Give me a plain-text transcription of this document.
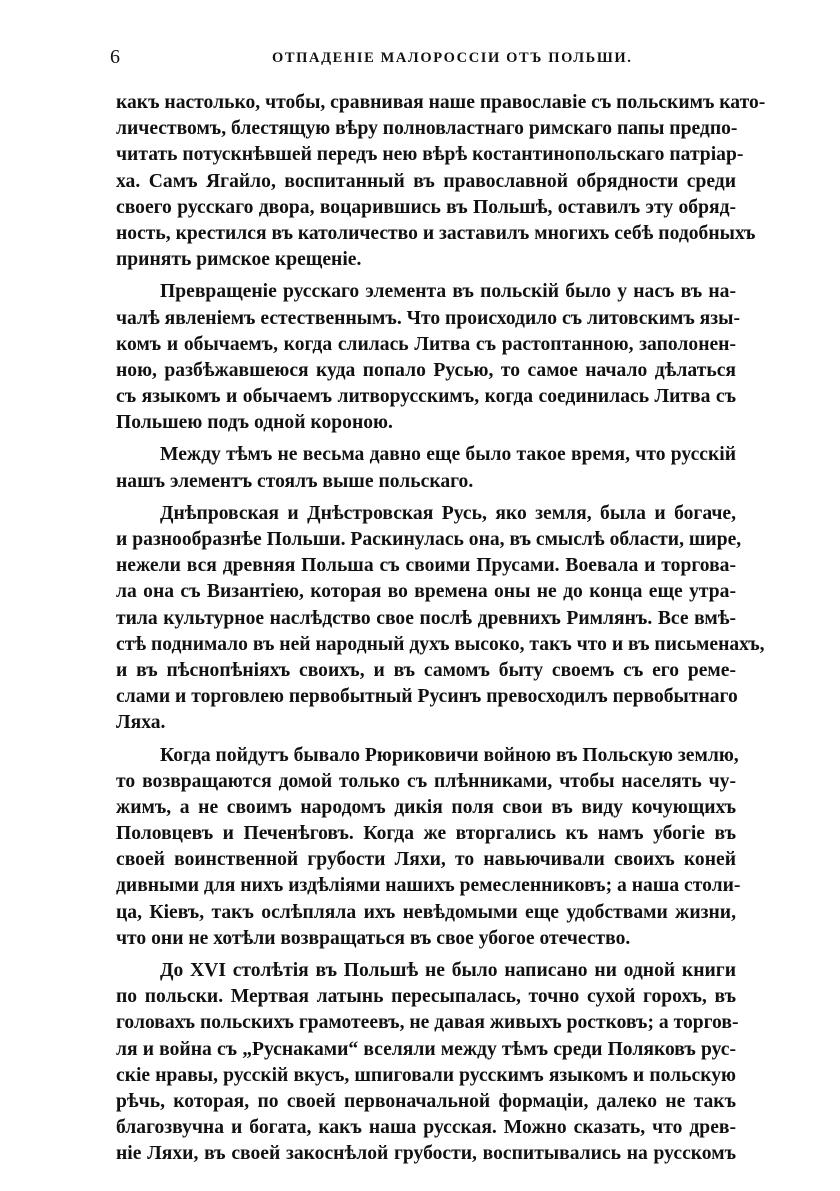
6	ОТПАДЕНІЕ МАЛОРОССІИ ОТЪ ПОЛЬШИ.
какъ настолько, чтобы, сравнивая наше православіе съ польскимъ като-
личествомъ, блестящую вѣру полновластнаго римскаго папы предпо-
читать потускнѣвшей передъ нею вѣрѣ костантинопольскаго патріар-
ха. Самъ Ягайло, воспитанный въ православной обрядности среди
своего русскаго двора, воцарившись въ Польшѣ, оставилъ эту обряд-
ность, крестился въ католичество и заставилъ многихъ себѣ подобныхъ
принять римское крещеніе.
Превращеніе русскаго элемента въ польскій было у насъ въ на-
чалѣ явленіемъ естественнымъ. Что происходило съ литовскимъ язы-
комъ и обычаемъ, когда слилась Литва съ растоптанною, заполонен-
ною, разбѣжавшеюся куда попало Русью, то самое начало дѣлаться
съ языкомъ и обычаемъ литворусскимъ, когда соединилась Литва съ
Польшею подъ одной короною.
Между тѣмъ не весьма давно еще было такое время, что русскій
нашъ элементъ стоялъ выше польскаго.
Днѣпровская и Днѣстровская Русь, яко земля, была и богаче,
и разнообразнѣе Польши. Раскинулась она, въ смыслѣ области, шире,
нежели вся древняя Польша съ своими Прусами. Воевала и торгова-
ла она съ Византіею, которая во времена оны не до конца еще утра-
тила культурное наслѣдство свое послѣ древнихъ Римлянъ. Все вмѣ-
стѣ поднимало въ ней народный духъ высоко, такъ что и въ письменахъ,
и въ пѣснопѣніяхъ своихъ, и въ самомъ быту своемъ съ его реме-
слами и торговлею первобытный Русинъ превосходилъ первобытнаго
Ляха.
Когда пойдутъ бывало Рюриковичи войною въ Польскую землю,
то возвращаются домой только съ плѣнниками, чтобы населять чу-
жимъ, а не своимъ народомъ дикія поля свои въ виду кочующихъ
Половцевъ и Печенѣговъ. Когда же вторгались къ намъ убогіе въ
своей воинственной грубости Ляхи, то навьючивали своихъ коней
дивными для нихъ издѣліями нашихъ ремесленниковъ; а наша столи-
ца, Кіевъ, такъ ослѣпляла ихъ невѣдомыми еще удобствами жизни,
что они не хотѣли возвращаться въ свое убогое отечество.
До XVI столѣтія въ Польшѣ не было написано ни одной книги
по польски. Мертвая латынь пересыпалась, точно сухой горохъ, въ
головахъ польскихъ грамотеевъ, не давая живыхъ ростковъ; а торгов-
ля и война съ „Руснаками“ вселяли между тѣмъ среди Поляковъ рус-
скіе нравы, русскій вкусъ, шпиговали русскимъ языкомъ и польскую
рѣчь, которая, по своей первоначальной формаціи, далеко не такъ
благозвучна и богата, какъ наша русская. Можно сказать, что древ-
ніе Ляхи, въ своей закоснѣлой грубости, воспитывались на русскомъ
